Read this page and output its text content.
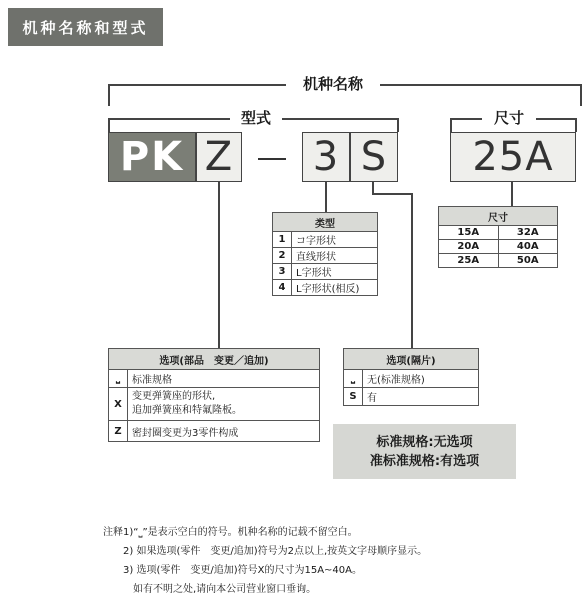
机种名称和型式
机种名称
型式	尺寸
PK Z 3 S	25A
类型	
1	コ字形状
2	直线形状
3	L字形状
4	L字形状(相反)
尺寸	
15A	32A
20A	40A
25A	50A
选项(部品　变更／追加)	
⎵	标准规格
X	变更弹簧座的形状,
追加弹簧座和特氟隆板。

Z	密封圈变更为3零件构成
选项(隔片)	
⎵	无(标准规格)
S	有
标准规格:无选项
准标准规格:有选项
注释1)“⎵”是表示空白的符号。机种名称的记载不留空白。
　　2) 如果选项(零件　变更/追加)符号为2点以上,按英文字母顺序显示。
　　3) 选项(零件　变更/追加)符号X的尺寸为15A~40A。
　　　如有不明之处,请向本公司营业窗口垂询。
